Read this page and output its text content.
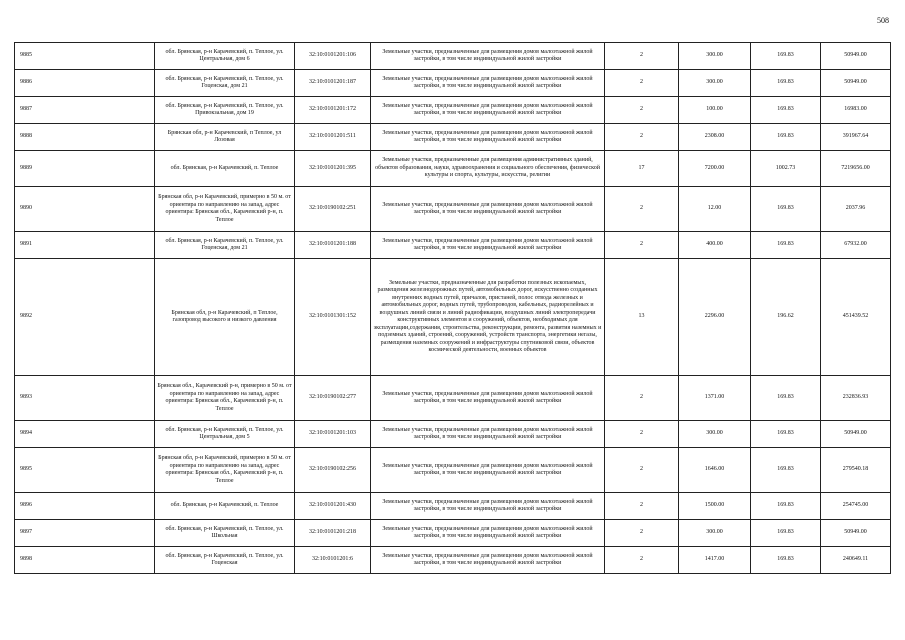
508
9885	обл. Брянская, р-н Карачевский, п. Теплое, ул. Центральная, дом 6	32:10:0101201:106	Земельные участки, предназначенные для размещения домов малоэтажной жилой застройки, в том числе индивидуальной жилой застройки	2	300.00	169.83	50949.00
9886	обл. Брянская, р-н Карачевский, п. Теплое, ул. Гоценская, дом 21	32:10:0101201:187	Земельные участки, предназначенные для размещения домов малоэтажной жилой застройки, в том числе индивидуальной жилой застройки	2	300.00	169.83	50949.00
9887	обл. Брянская, р-н Карачевский, п. Теплое, ул. Привокзальная, дом 19	32:10:0101201:172	Земельные участки, предназначенные для размещения домов малоэтажной жилой застройки, в том числе индивидуальной жилой застройки	2	100.00	169.83	16983.00
9888	Брянская обл, р-н Карачевский, п Теплое, ул Лозовая	32:10:0101201:511	Земельные участки, предназначенные для размещения домов малоэтажной жилой застройки, в том числе индивидуальной жилой застройки	2	2308.00	169.83	391967.64
9889	обл. Брянская, р-н Карачевский, п. Теплое	32:10:0101201:395	Земельные участки, предназначенные для размещения административных зданий, объектов образования, науки, здравоохранения и социального обеспечения, физической культуры и спорта, культуры, искусства, религии	17	7200.00	1002.73	7219656.00
9890	Брянская обл, р-н Карачевский, примерно в 50 м. от ориентира по направлению на запад, адрес ориентира: Брянская обл., Карачевский р-н, п. Теплое	32:10:0190102:251	Земельные участки, предназначенные для размещения домов малоэтажной жилой застройки, в том числе индивидуальной жилой застройки	2	12.00	169.83	2037.96
9891	обл. Брянская, р-н Карачевский, п. Теплое, ул. Гоценская, дом 21	32:10:0101201:188	Земельные участки, предназначенные для размещения домов малоэтажной жилой застройки, в том числе индивидуальной жилой застройки	2	400.00	169.83	67932.00
9892	Брянская обл, р-н Карачевский, п Теплое, газопровод высокого и низкого давления	32:10:0101301:152	Земельные участки, предназначенные для разработки полезных ископаемых, размещения железнодорожных путей, автомобильных дорог, искусственно созданных внутренних водных путей, причалов, пристаней, полос отвода железных и автомобильных дорог, водных путей, трубопроводов, кабельных, радиорелейных и воздушных линий связи и линий радиофикации, воздушных линий электропередачи конструктивных элементов и сооружений, объектов, необходимых для эксплуатации,содержания, строительства, реконструкции, ремонта, развития наземных и подземных зданий, строений, сооружений, устройств транспорта, энергетики негазы, размещения наземных сооружений и инфраструктуры спутниковой связи, объектов космической деятельности, военных объектов	13	2296.00	196.62	451439.52
9893	Брянская обл., Карачевский р-н, примерно в 50 м. от ориентира по направлению на запад, адрес ориентира: Брянская обл., Карачевский р-н, п. Теплое	32:10:0190102:277	Земельные участки, предназначенные для размещения домов малоэтажной жилой застройки, в том числе индивидуальной жилой застройки	2	1371.00	169.83	232836.93
9894	обл. Брянская, р-н Карачевский, п. Теплое, ул. Центральная, дом 5	32:10:0101201:103	Земельные участки, предназначенные для размещения домов малоэтажной жилой застройки, в том числе индивидуальной жилой застройки	2	300.00	169.83	50949.00
9895	Брянская обл, р-н Карачевский, примерно в 50 м. от ориентира по направлению на запад, адрес ориентира: Брянская обл., Карачевский р-н, п. Теплое	32:10:0190102:256	Земельные участки, предназначенные для размещения домов малоэтажной жилой застройки, в том числе индивидуальной жилой застройки	2	1646.00	169.83	279540.18
9896	обл. Брянская, р-н Карачевский, п. Теплое	32:10:0101201:430	Земельные участки, предназначенные для размещения домов малоэтажной жилой застройки, в том числе индивидуальной жилой застройки	2	1500.00	169.83	254745.00
9897	обл. Брянская, р-н Карачевский, п. Теплое, ул. Школьная	32:10:0101201:218	Земельные участки, предназначенные для размещения домов малоэтажной жилой застройки, в том числе индивидуальной жилой застройки	2	300.00	169.83	50949.00
9898	обл. Брянская, р-н Карачевский, п. Теплое, ул. Гоценская	32:10:0101201:6	Земельные участки, предназначенные для размещения домов малоэтажной жилой застройки, в том числе индивидуальной жилой застройки	2	1417.00	169.83	240649.11
